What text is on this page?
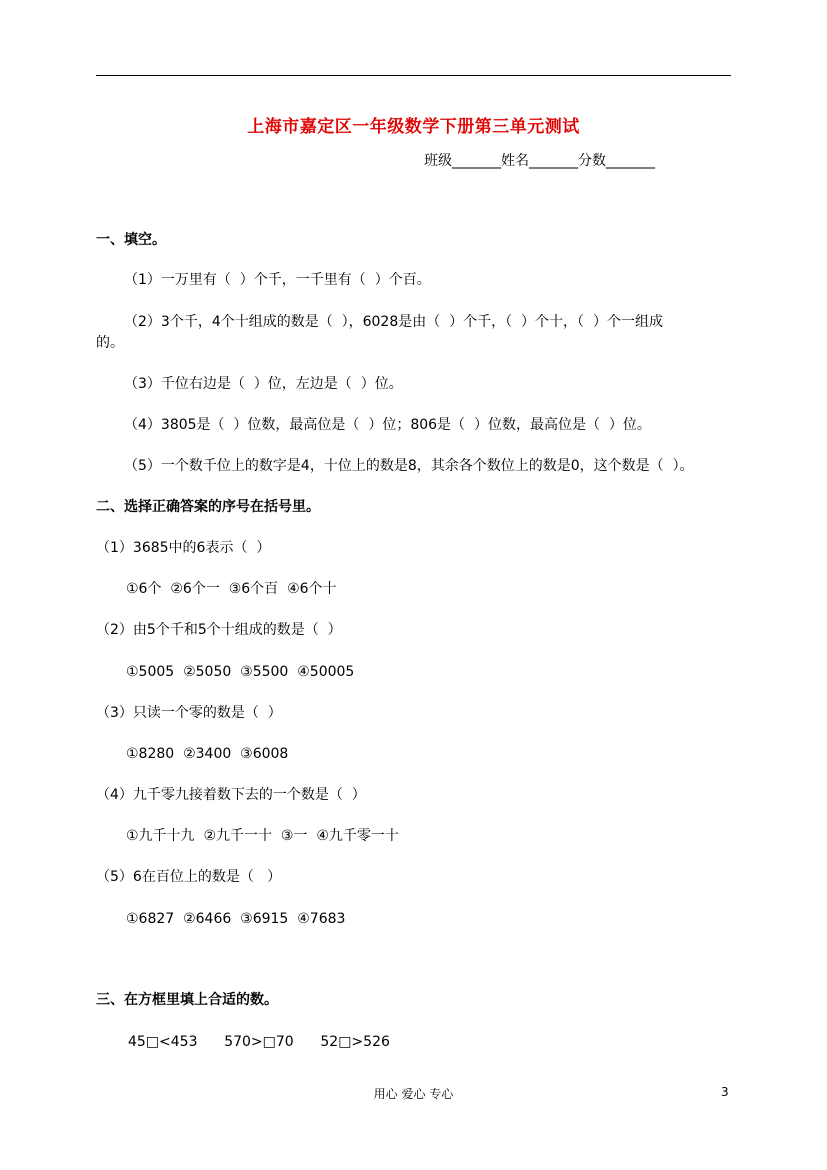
上海市嘉定区一年级数学下册第三单元测试
班级_______姓名_______分数_______
一、填空。
（1）一万里有（  ）个千，一千里有（  ）个百。
（2）3个千，4个十组成的数是（  ），6028是由（  ）个千，（  ）个十，（  ）个一组成
的。
（3）千位右边是（  ）位，左边是（  ）位。
（4）3805是（  ）位数，最高位是（  ）位；806是（  ）位数，最高位是（  ）位。
（5）一个数千位上的数字是4，十位上的数是8，其余各个数位上的数是0，这个数是（  ）。
二、选择正确答案的序号在括号里。
（1）3685中的6表示（  ）
①6个  ②6个一  ③6个百  ④6个十
（2）由5个千和5个十组成的数是（  ）
①5005  ②5050  ③5500  ④50005
（3）只读一个零的数是（  ）
①8280  ②3400  ③6008
（4）九千零九接着数下去的一个数是（  ）
①九千十九  ②九千一十  ③一  ④九千零一十
（5）6在百位上的数是（   ）
①6827  ②6466  ③6915  ④7683
三、在方框里填上合适的数。
45□<453      570>□70      52□>526
用心 爱心 专心	3
